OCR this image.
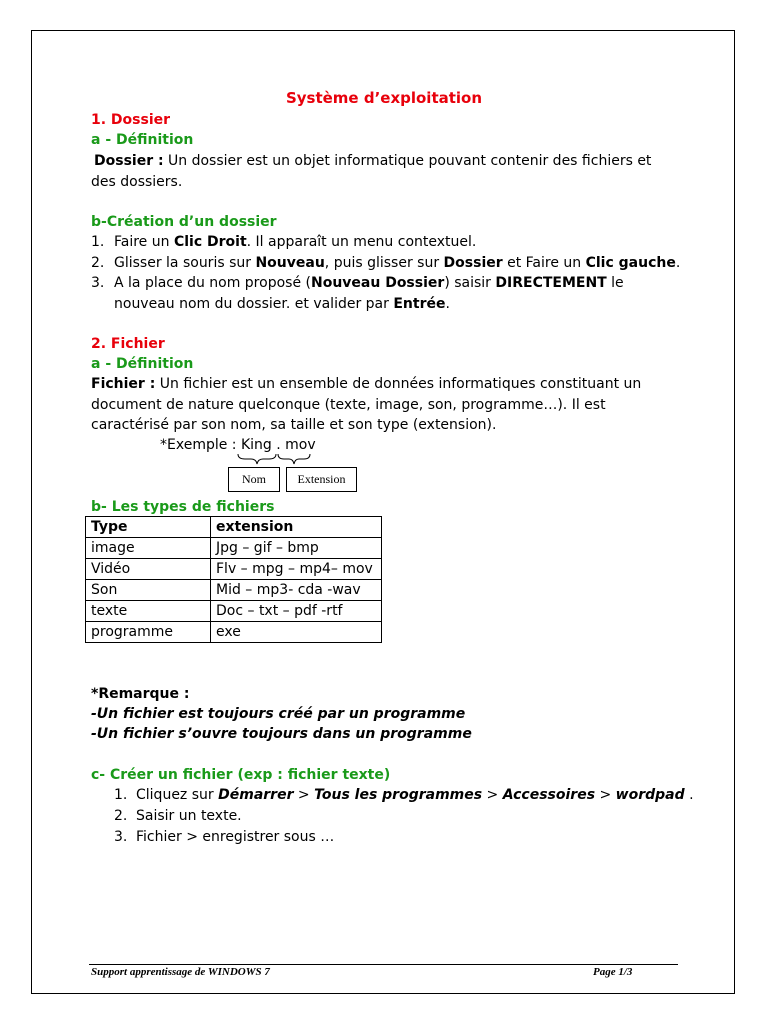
Système d’exploitation
1. Dossier
a - Définition
Dossier : Un dossier est un objet informatique pouvant contenir des fichiers et
des dossiers.
b-Création d’un dossier
1. Faire un Clic Droit. Il apparaît un menu contextuel.
2. Glisser la souris sur Nouveau, puis glisser sur Dossier et Faire un Clic gauche.
3. A la place du nom proposé (Nouveau Dossier) saisir DIRECTEMENT le
nouveau nom du dossier. et valider par Entrée.
2. Fichier
a - Définition
Fichier : Un fichier est un ensemble de données informatiques constituant un
document de nature quelconque (texte, image, son, programme…). Il est
caractérisé par son nom, sa taille et son type (extension).
*Exemple : King . mov
Nom	Extension
b- Les types de fichiers
Type	extension
image	Jpg – gif – bmp
Vidéo	Flv – mpg – mp4– mov
Son	Mid – mp3- cda -wav
texte	Doc – txt – pdf -rtf
programme	exe
*Remarque :
-Un fichier est toujours créé par un programme
-Un fichier s’ouvre toujours dans un programme
c- Créer un fichier (exp : fichier texte)
1. Cliquez sur Démarrer > Tous les programmes > Accessoires > wordpad .
2. Saisir un texte.
3. Fichier > enregistrer sous …
Support apprentissage de WINDOWS 7	Page 1/3
